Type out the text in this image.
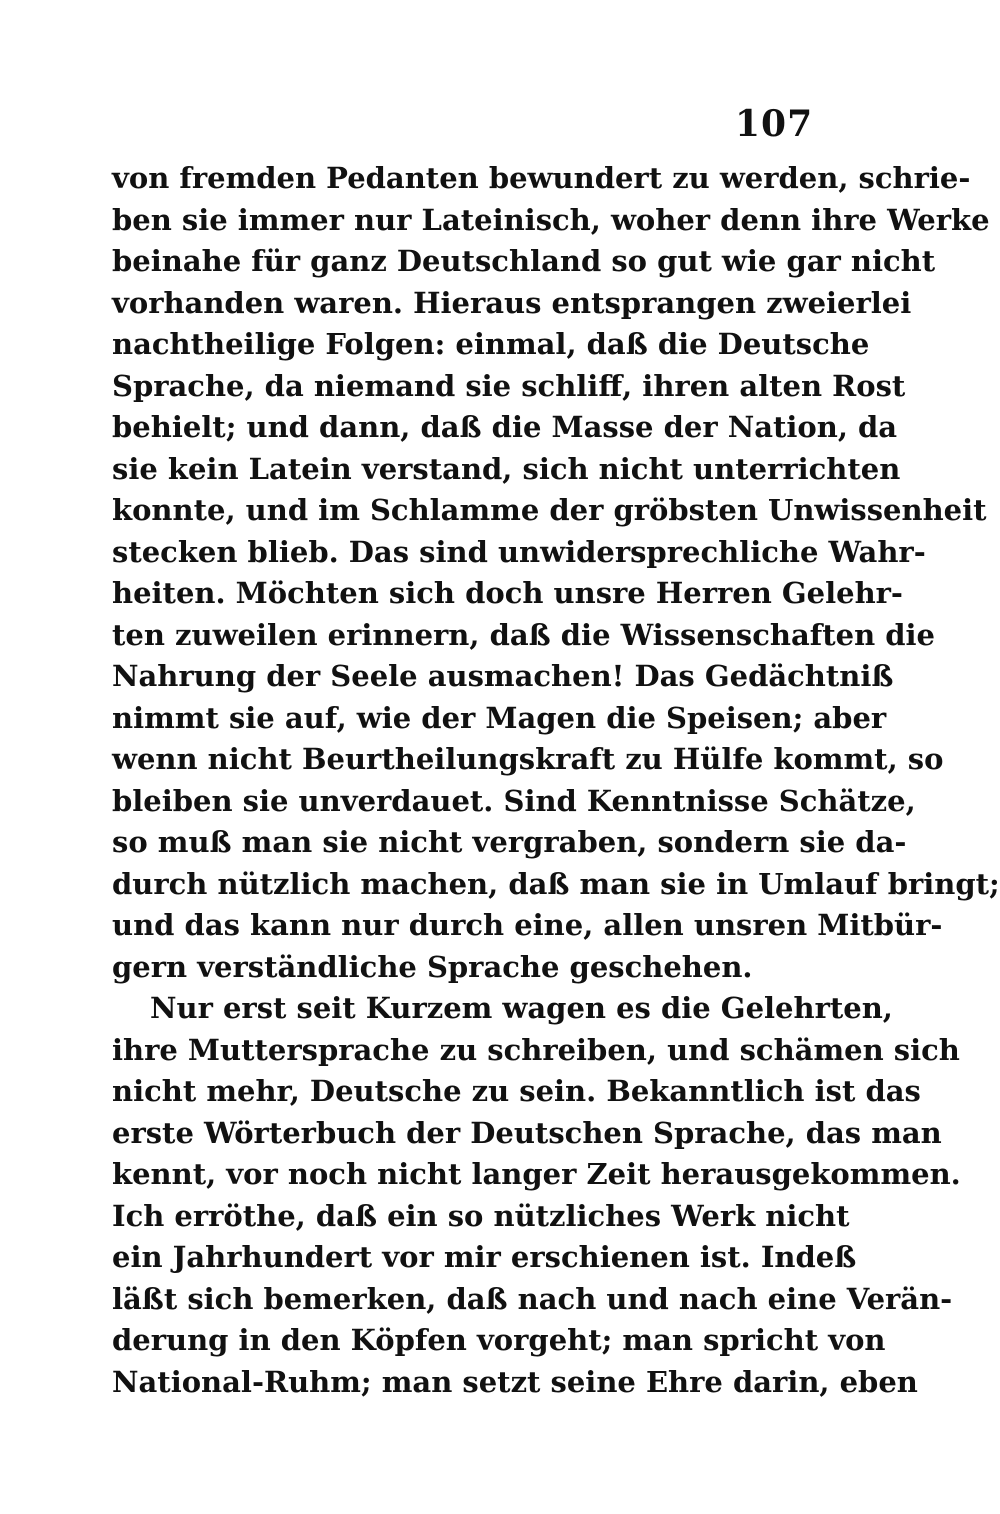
107
von fremden Pedanten bewundert zu werden, schrie-
ben sie immer nur Lateinisch, woher denn ihre Werke
beinahe für ganz Deutschland so gut wie gar nicht
vorhanden waren. Hieraus entsprangen zweierlei
nachtheilige Folgen: einmal, daß die Deutsche
Sprache, da niemand sie schliff, ihren alten Rost
behielt; und dann, daß die Masse der Nation, da
sie kein Latein verstand, sich nicht unterrichten
konnte, und im Schlamme der gröbsten Unwissenheit
stecken blieb. Das sind unwidersprechliche Wahr-
heiten. Möchten sich doch unsre Herren Gelehr-
ten zuweilen erinnern, daß die Wissenschaften die
Nahrung der Seele ausmachen! Das Gedächtniß
nimmt sie auf, wie der Magen die Speisen; aber
wenn nicht Beurtheilungskraft zu Hülfe kommt, so
bleiben sie unverdauet. Sind Kenntnisse Schätze,
so muß man sie nicht vergraben, sondern sie da-
durch nützlich machen, daß man sie in Umlauf bringt;
und das kann nur durch eine, allen unsren Mitbür-
gern verständliche Sprache geschehen.
Nur erst seit Kurzem wagen es die Gelehrten,
ihre Muttersprache zu schreiben, und schämen sich
nicht mehr, Deutsche zu sein. Bekanntlich ist das
erste Wörterbuch der Deutschen Sprache, das man
kennt, vor noch nicht langer Zeit herausgekommen.
Ich erröthe, daß ein so nützliches Werk nicht
ein Jahrhundert vor mir erschienen ist. Indeß
läßt sich bemerken, daß nach und nach eine Verän-
derung in den Köpfen vorgeht; man spricht von
National-Ruhm; man setzt seine Ehre darin, eben
